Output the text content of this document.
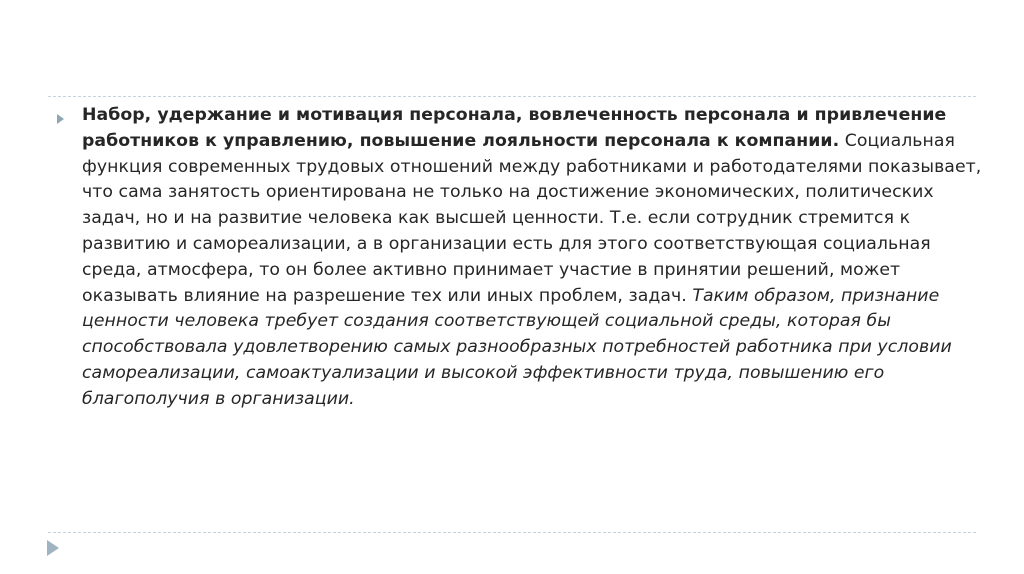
Набор, удержание и мотивация персонала, вовлеченность персонала и привлечение работников к управлению, повышение лояльности персонала к компании. Социальная функция современных трудовых отношений между работниками и работодателями показывает, что сама занятость ориентирована не только на достижение экономических, политических задач, но и на развитие человека как высшей ценности. Т.е. если сотрудник стремится к развитию и самореализации, а в организации есть для этого соответствующая социальная среда, атмосфера, то он более активно принимает участие в принятии решений, может оказывать влияние на разрешение тех или иных проблем, задач. Таким образом, признание ценности человека требует создания соответствующей социальной среды, которая бы способствовала удовлетворению самых разнообразных потребностей работника при условии самореализации, самоактуализации и высокой эффективности труда, повышению его благополучия в организации.
